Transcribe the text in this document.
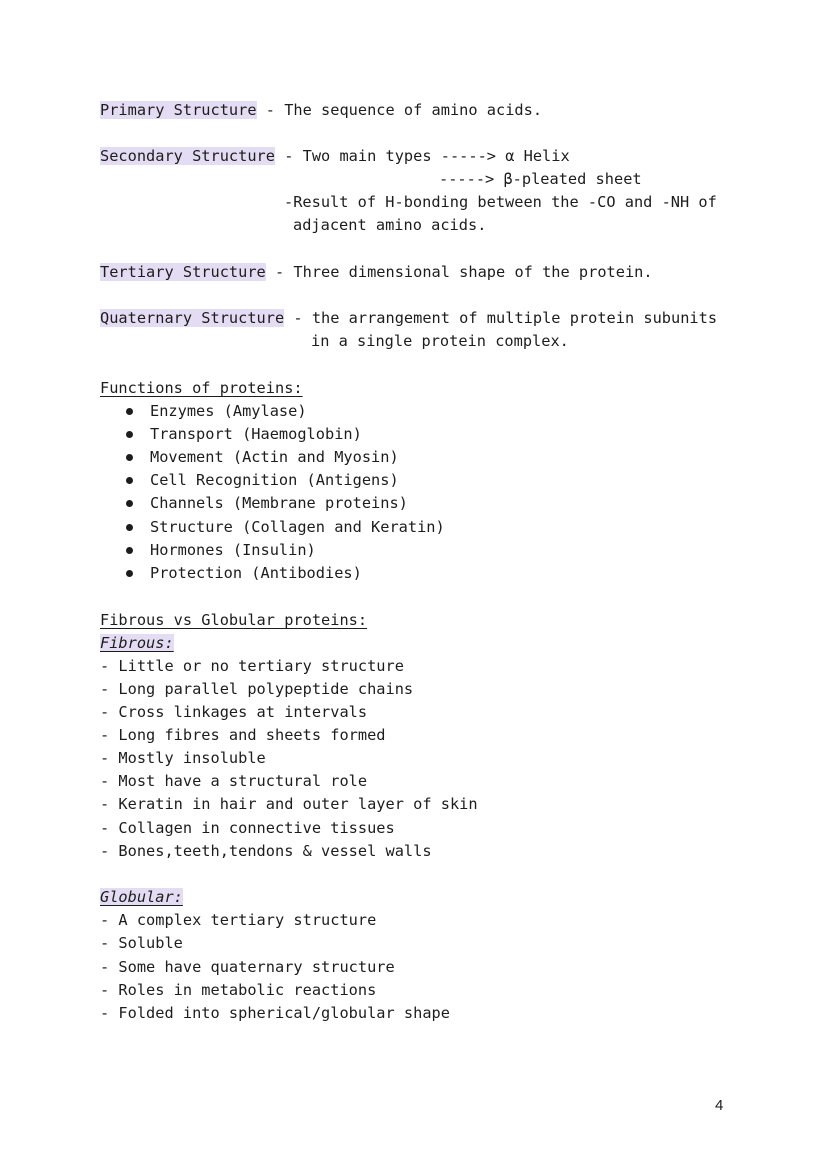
Primary Structure - The sequence of amino acids.
Secondary Structure - Two main types -----> α Helix
-----> β-pleated sheet
-Result of H-bonding between the -CO and -NH of
adjacent amino acids.
Tertiary Structure - Three dimensional shape of the protein.
Quaternary Structure - the arrangement of multiple protein subunits
in a single protein complex.
Functions of proteins:
Enzymes (Amylase)
Transport (Haemoglobin)
Movement (Actin and Myosin)
Cell Recognition (Antigens)
Channels (Membrane proteins)
Structure (Collagen and Keratin)
Hormones (Insulin)
Protection (Antibodies)
Fibrous vs Globular proteins:
Fibrous:
- Little or no tertiary structure
- Long parallel polypeptide chains
- Cross linkages at intervals
- Long fibres and sheets formed
- Mostly insoluble
- Most have a structural role
- Keratin in hair and outer layer of skin
- Collagen in connective tissues
- Bones,teeth,tendons & vessel walls
Globular:
- A complex tertiary structure
- Soluble
- Some have quaternary structure
- Roles in metabolic reactions
- Folded into spherical/globular shape
4
